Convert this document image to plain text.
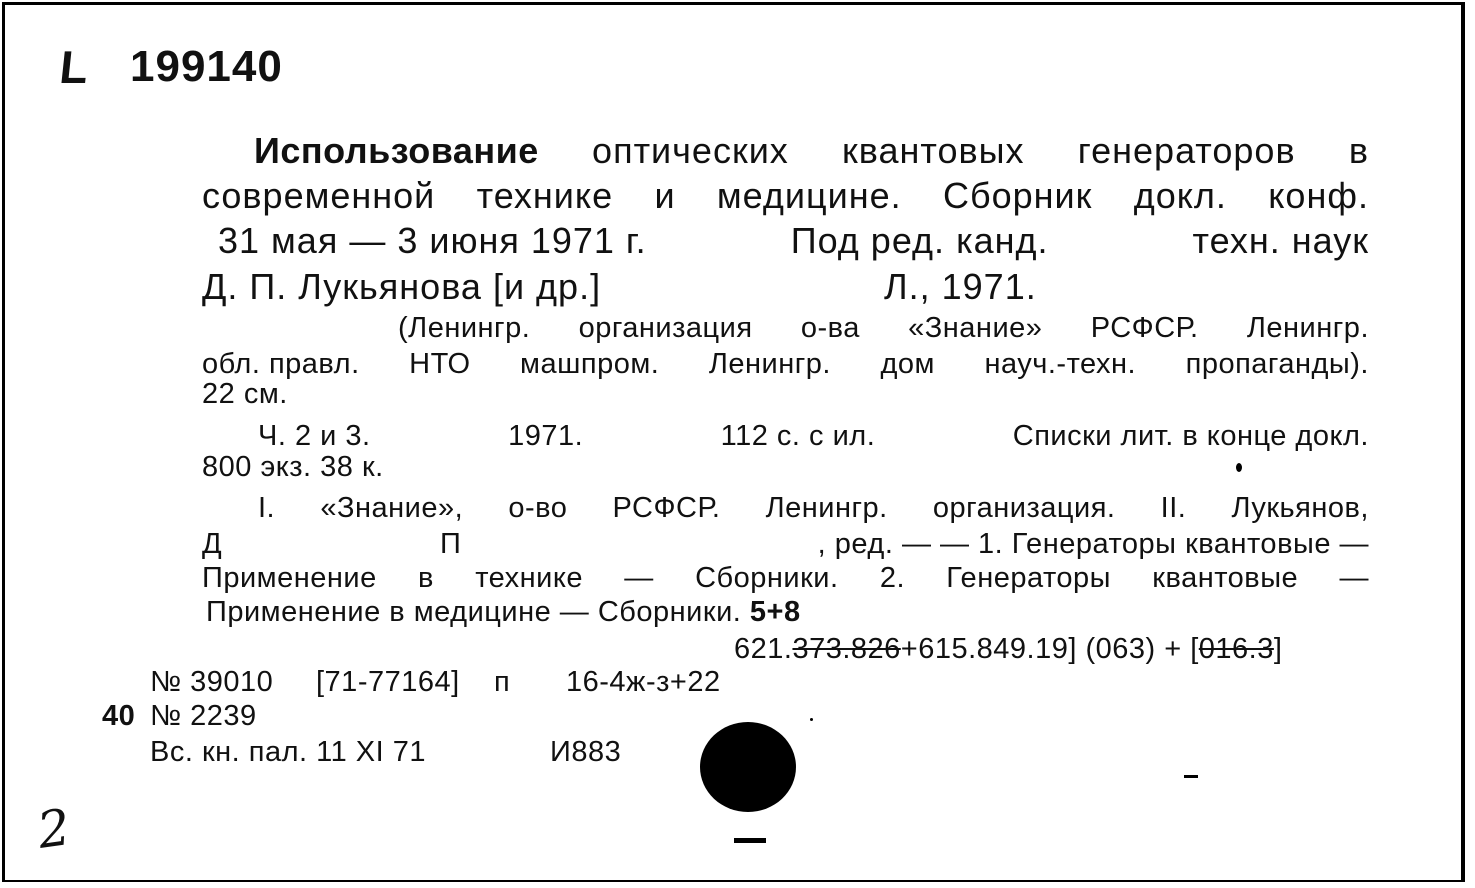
L 199140
Использование оптических квантовых генераторов в
современной технике и медицине. Сборник докл. конф.
31 мая — 3 июня 1971 г.	Под ред. канд.	техн. наук
Д. П. Лукьянова [и др.]	Л., 1971.
(Ленингр. организация о-ва «Знание» РСФСР. Ленингр.
обл. правл. НТО машпром. Ленингр. дом науч.-техн. пропаганды).
22 см.
Ч. 2 и 3.	1971.	112 с. с ил.	Списки лит. в конце докл.
800 экз. 38 к.
I. «Знание», о-во РСФСР. Ленингр. организация. II. Лукьянов,
Д	П	, ред. — — 1. Генераторы квантовые —
Применение в технике — Сборники. 2. Генераторы квантовые —
Применение в медицине — Сборники. 5+8
621.373.826+615.849.19] (063) + [016.3]
№ 39010 [71-77164] п 16-4ж-з+22
40 № 2239
Вс. кн. пал. 11 XI 71	И883
2
